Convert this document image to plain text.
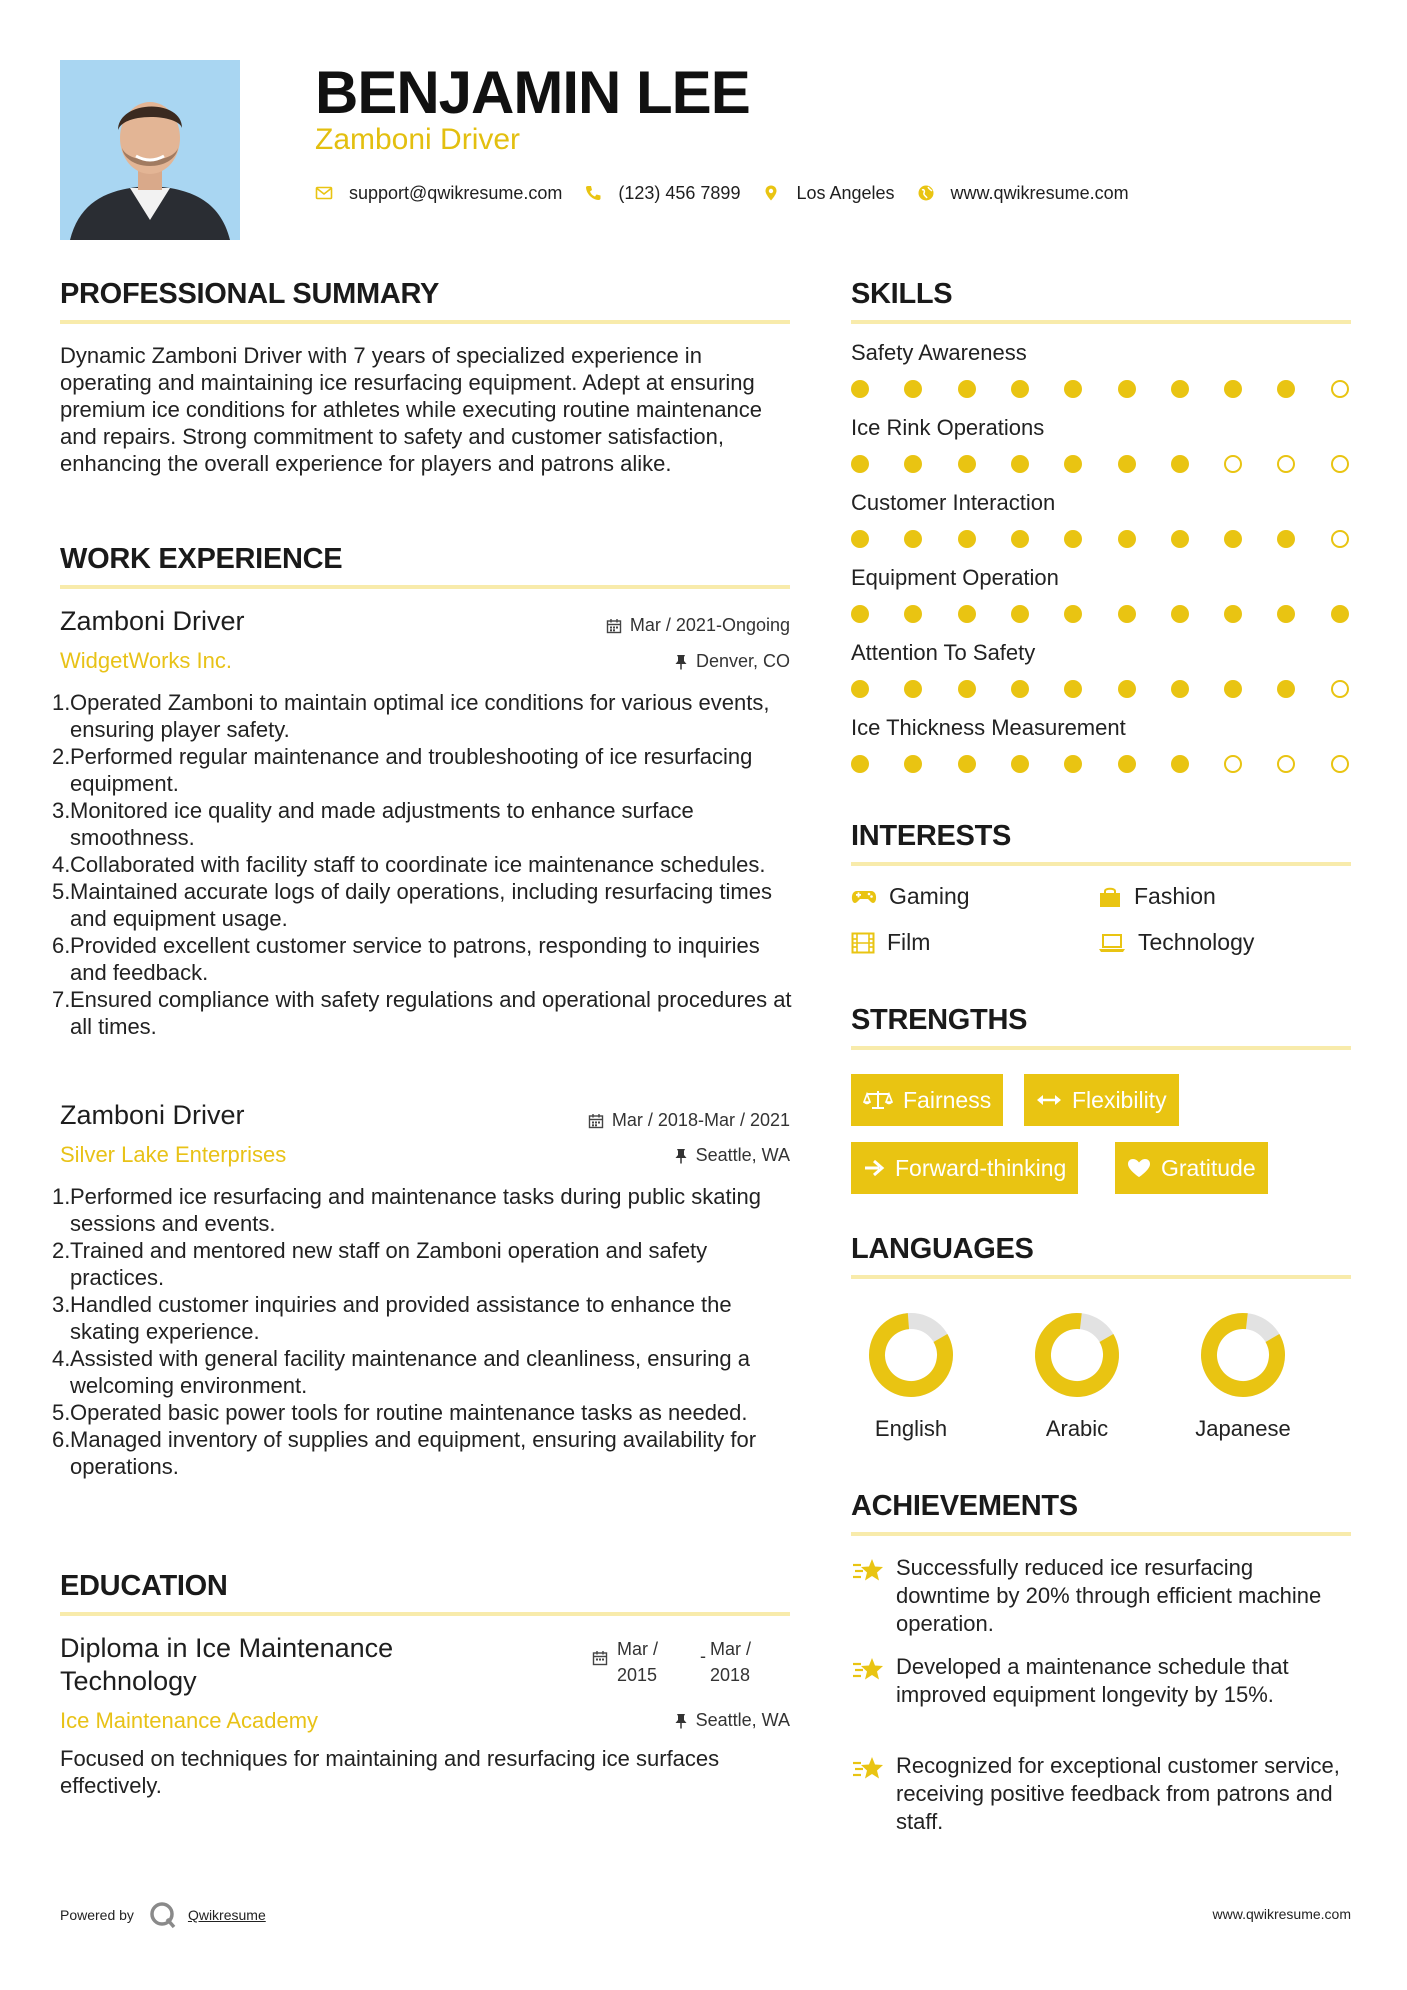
BENJAMIN LEE
Zamboni Driver
support@qwikresume.com	(123) 456 7899	Los Angeles	www.qwikresume.com
PROFESSIONAL SUMMARY
Dynamic Zamboni Driver with 7 years of specialized experience in operating and maintaining ice resurfacing equipment. Adept at ensuring premium ice conditions for athletes while executing routine maintenance and repairs. Strong commitment to safety and customer satisfaction, enhancing the overall experience for players and patrons alike.
WORK EXPERIENCE
Zamboni Driver	Mar / 2021-Ongoing
WidgetWorks Inc.	Denver, CO
1. Operated Zamboni to maintain optimal ice conditions for various events, ensuring player safety.
2. Performed regular maintenance and troubleshooting of ice resurfacing equipment.
3. Monitored ice quality and made adjustments to enhance surface smoothness.
4. Collaborated with facility staff to coordinate ice maintenance schedules.
5. Maintained accurate logs of daily operations, including resurfacing times and equipment usage.
6. Provided excellent customer service to patrons, responding to inquiries and feedback.
7. Ensured compliance with safety regulations and operational procedures at all times.
Zamboni Driver	Mar / 2018-Mar / 2021
Silver Lake Enterprises	Seattle, WA
1. Performed ice resurfacing and maintenance tasks during public skating sessions and events.
2. Trained and mentored new staff on Zamboni operation and safety practices.
3. Handled customer inquiries and provided assistance to enhance the skating experience.
4. Assisted with general facility maintenance and cleanliness, ensuring a welcoming environment.
5. Operated basic power tools for routine maintenance tasks as needed.
6. Managed inventory of supplies and equipment, ensuring availability for operations.
EDUCATION
Diploma in Ice Maintenance
Technology
Mar /
2015
- Mar /
2018
Ice Maintenance Academy	Seattle, WA
Focused on techniques for maintaining and resurfacing ice surfaces effectively.
SKILLS
Safety Awareness
Ice Rink Operations
Customer Interaction
Equipment Operation
Attention To Safety
Ice Thickness Measurement
INTERESTS
Gaming	Fashion
Film	Technology
STRENGTHS
Fairness	Flexibility
Forward-thinking	Gratitude
LANGUAGES
English	Arabic	Japanese
ACHIEVEMENTS
Successfully reduced ice resurfacing downtime by 20% through efficient machine operation.
Developed a maintenance schedule that improved equipment longevity by 15%.
Recognized for exceptional customer service, receiving positive feedback from patrons and staff.
Powered by	Qwikresume	www.qwikresume.com
